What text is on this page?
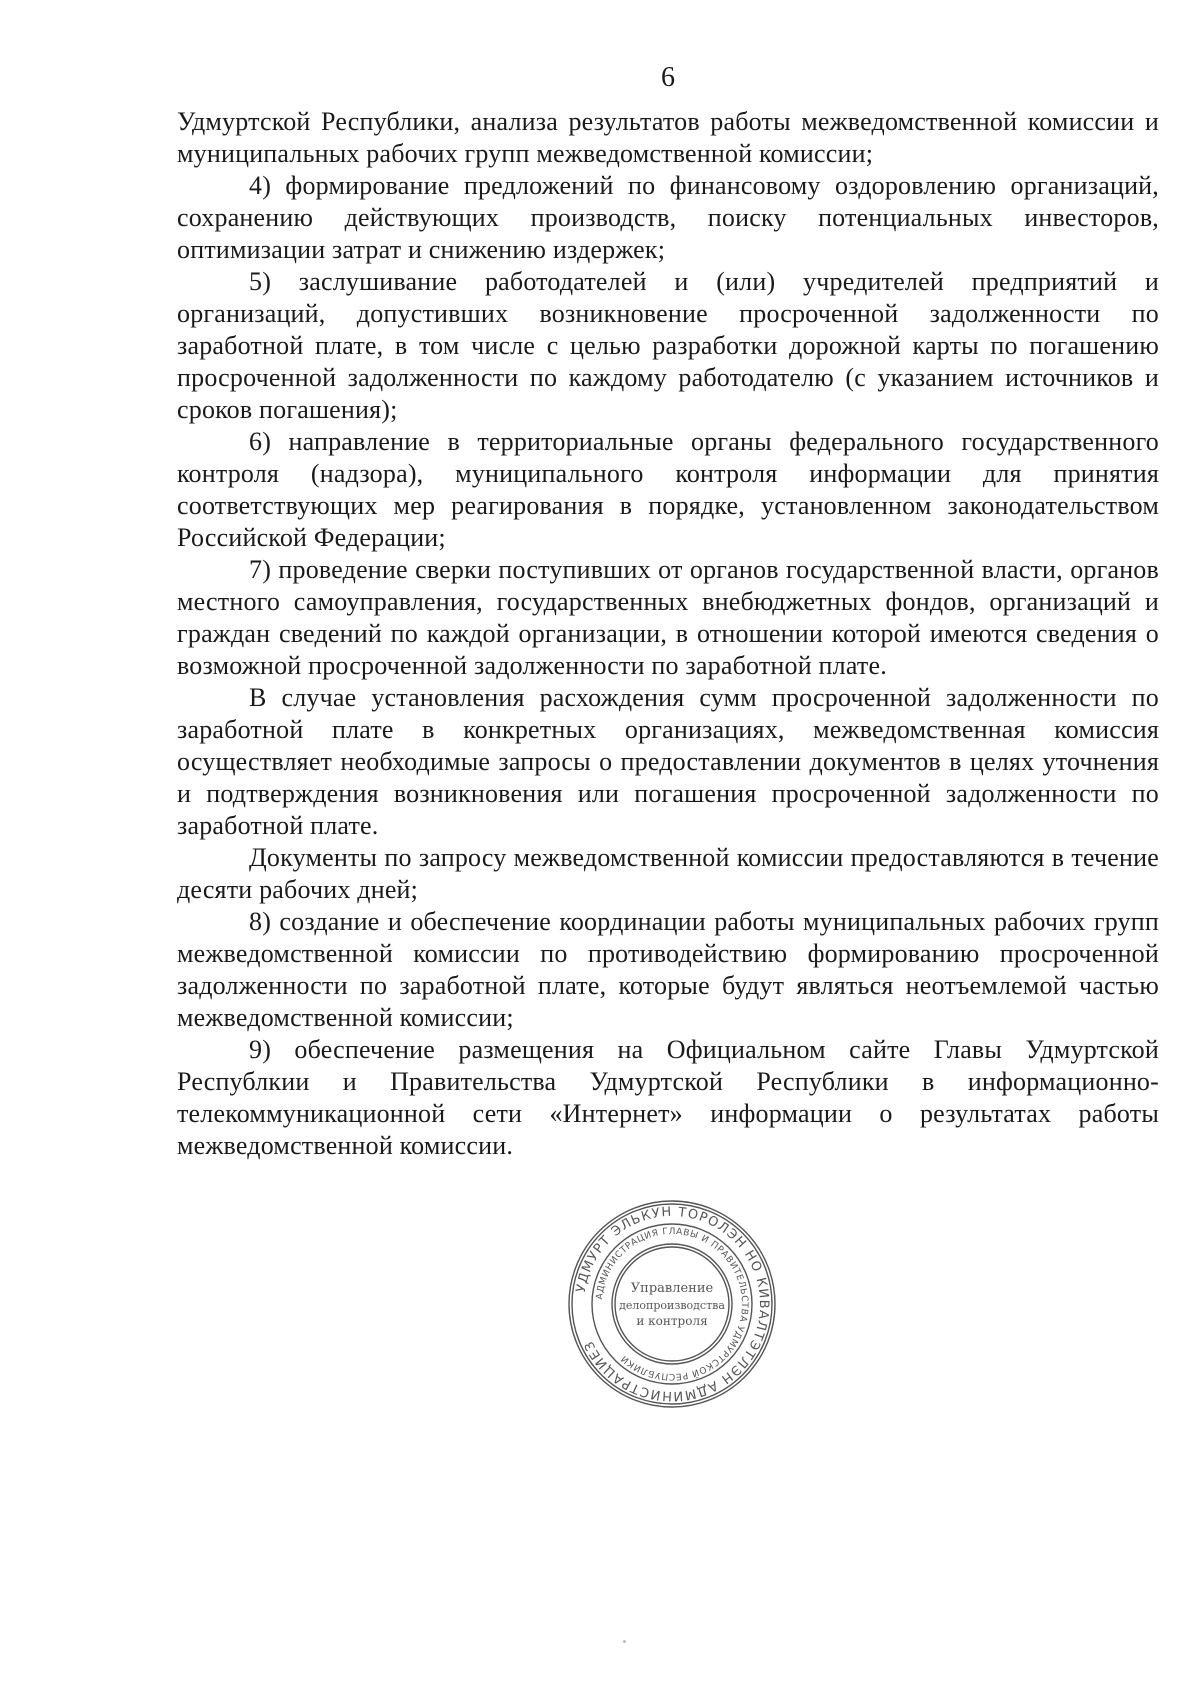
6

Удмуртской Республики, анализа результатов работы межведомственной комиссии и муниципальных рабочих групп межведомственной комиссии;

4) формирование предложений по финансовому оздоровлению организаций, сохранению действующих производств, поиску потенциальных инвесторов, оптимизации затрат и снижению издержек;

5) заслушивание работодателей и (или) учредителей предприятий и организаций, допустивших возникновение просроченной задолженности по заработной плате, в том числе с целью разработки дорожной карты по погашению просроченной задолженности по каждому работодателю (с указанием источников и сроков погашения);

6) направление в территориальные органы федерального государственного контроля (надзора), муниципального контроля информации для принятия соответствующих мер реагирования в порядке, установленном законодательством Российской Федерации;

7) проведение сверки поступивших от органов государственной власти, органов местного самоуправления, государственных внебюджетных фондов, организаций и граждан сведений по каждой организации, в отношении которой имеются сведения о возможной просроченной задолженности по заработной плате.

В случае установления расхождения сумм просроченной задолженности по заработной плате в конкретных организациях, межведомственная комиссия осуществляет необходимые запросы о предоставлении документов в целях уточнения и подтверждения возникновения или погашения просроченной задолженности по заработной плате.

Документы по запросу межведомственной комиссии предоставляются в течение десяти рабочих дней;

8) создание и обеспечение координации работы муниципальных рабочих групп межведомственной комиссии по противодействию формированию просроченной задолженности по заработной плате, которые будут являться неотъемлемой частью межведомственной комиссии;

9) обеспечение размещения на Официальном сайте Главы Удмуртской Республкии и Правительства Удмуртской Республики в информационно-телекоммуникационной сети «Интернет» информации о результатах работы межведомственной комиссии.

УДМУРТ ЭЛЬКУН ТОРОЛЭН НО КИВАЛТЭТЛЭН АДМИНИСТРАЦИЕЗ
АДМИНИСТРАЦИЯ ГЛАВЫ И ПРАВИТЕЛЬСТВА УДМУРТСКОЙ РЕСПУБЛИКИ
Управление
делопроизводства
и контроля
